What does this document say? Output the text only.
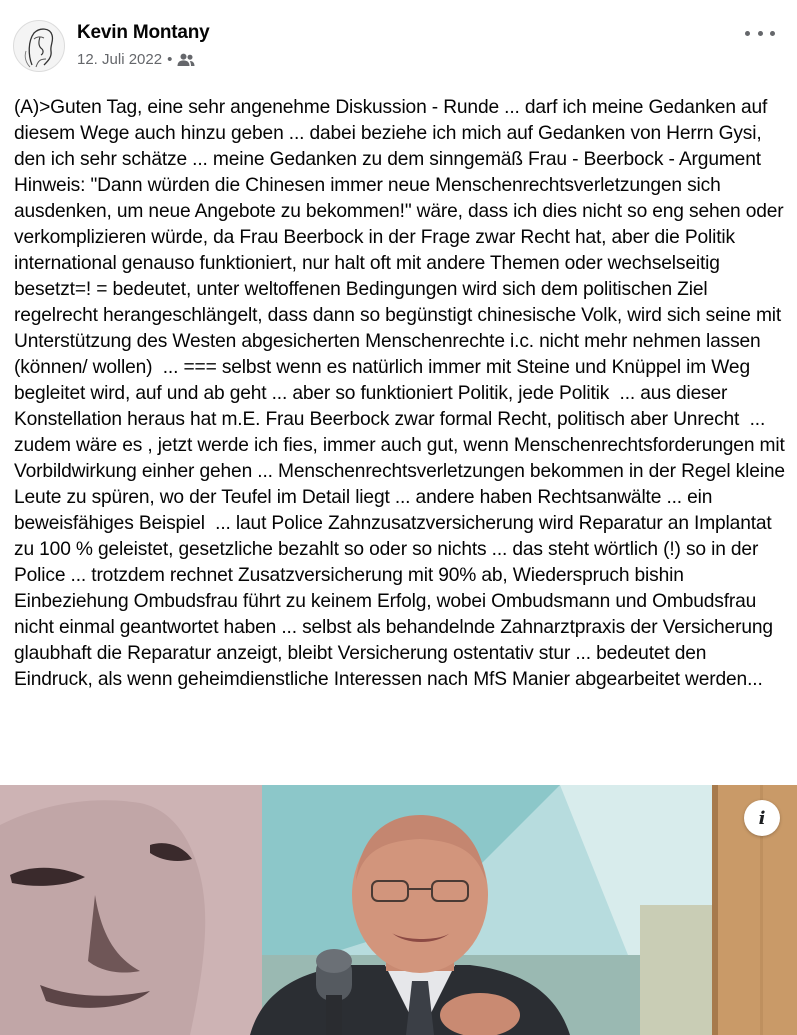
Kevin Montany
12. Juli 2022 •
(A)>Guten Tag, eine sehr angenehme Diskussion - Runde ... darf ich meine Gedanken auf diesem Wege auch hinzu geben ... dabei beziehe ich mich auf Gedanken von Herrn Gysi, den ich sehr schätze ... meine Gedanken zu dem sinngemäß Frau - Beerbock - Argument Hinweis: "Dann würden die Chinesen immer neue Menschenrechtsverletzungen sich ausdenken, um neue Angebote zu bekommen!" wäre, dass ich dies nicht so eng sehen oder verkomplizieren würde, da Frau Beerbock in der Frage zwar Recht hat, aber die Politik international genauso funktioniert, nur halt oft mit andere Themen oder wechselseitig besetzt=! = bedeutet, unter weltoffenen Bedingungen wird sich dem politischen Ziel regelrecht herangeschlängelt, dass dann so begünstigt chinesische Volk, wird sich seine mit Unterstützung des Westen abgesicherten Menschenrechte i.c. nicht mehr nehmen lassen (können/ wollen)  ... === selbst wenn es natürlich immer mit Steine und Knüppel im Weg begleitet wird, auf und ab geht ... aber so funktioniert Politik, jede Politik  ... aus dieser Konstellation heraus hat m.E. Frau Beerbock zwar formal Recht, politisch aber Unrecht  ...  zudem wäre es , jetzt werde ich fies, immer auch gut, wenn Menschenrechtsforderungen mit Vorbildwirkung einher gehen ... Menschenrechtsverletzungen bekommen in der Regel kleine Leute zu spüren, wo der Teufel im Detail liegt ... andere haben Rechtsanwälte ... ein beweisfähiges Beispiel  ... laut Police Zahnzusatzversicherung wird Reparatur an Implantat zu 100 % geleistet, gesetzliche bezahlt so oder so nichts ... das steht wörtlich (!) so in der Police ... trotzdem rechnet Zusatzversicherung mit 90% ab, Wiederspruch bishin Einbeziehung Ombudsfrau führt zu keinem Erfolg, wobei Ombudsmann und Ombudsfrau nicht einmal geantwortet haben ... selbst als behandelnde Zahnarztpraxis der Versicherung glaubhaft die Reparatur anzeigt, bleibt Versicherung ostentativ stur ... bedeutet den Eindruck, als wenn geheimdienstliche Interessen nach MfS Manier abgearbeitet werden...
i
